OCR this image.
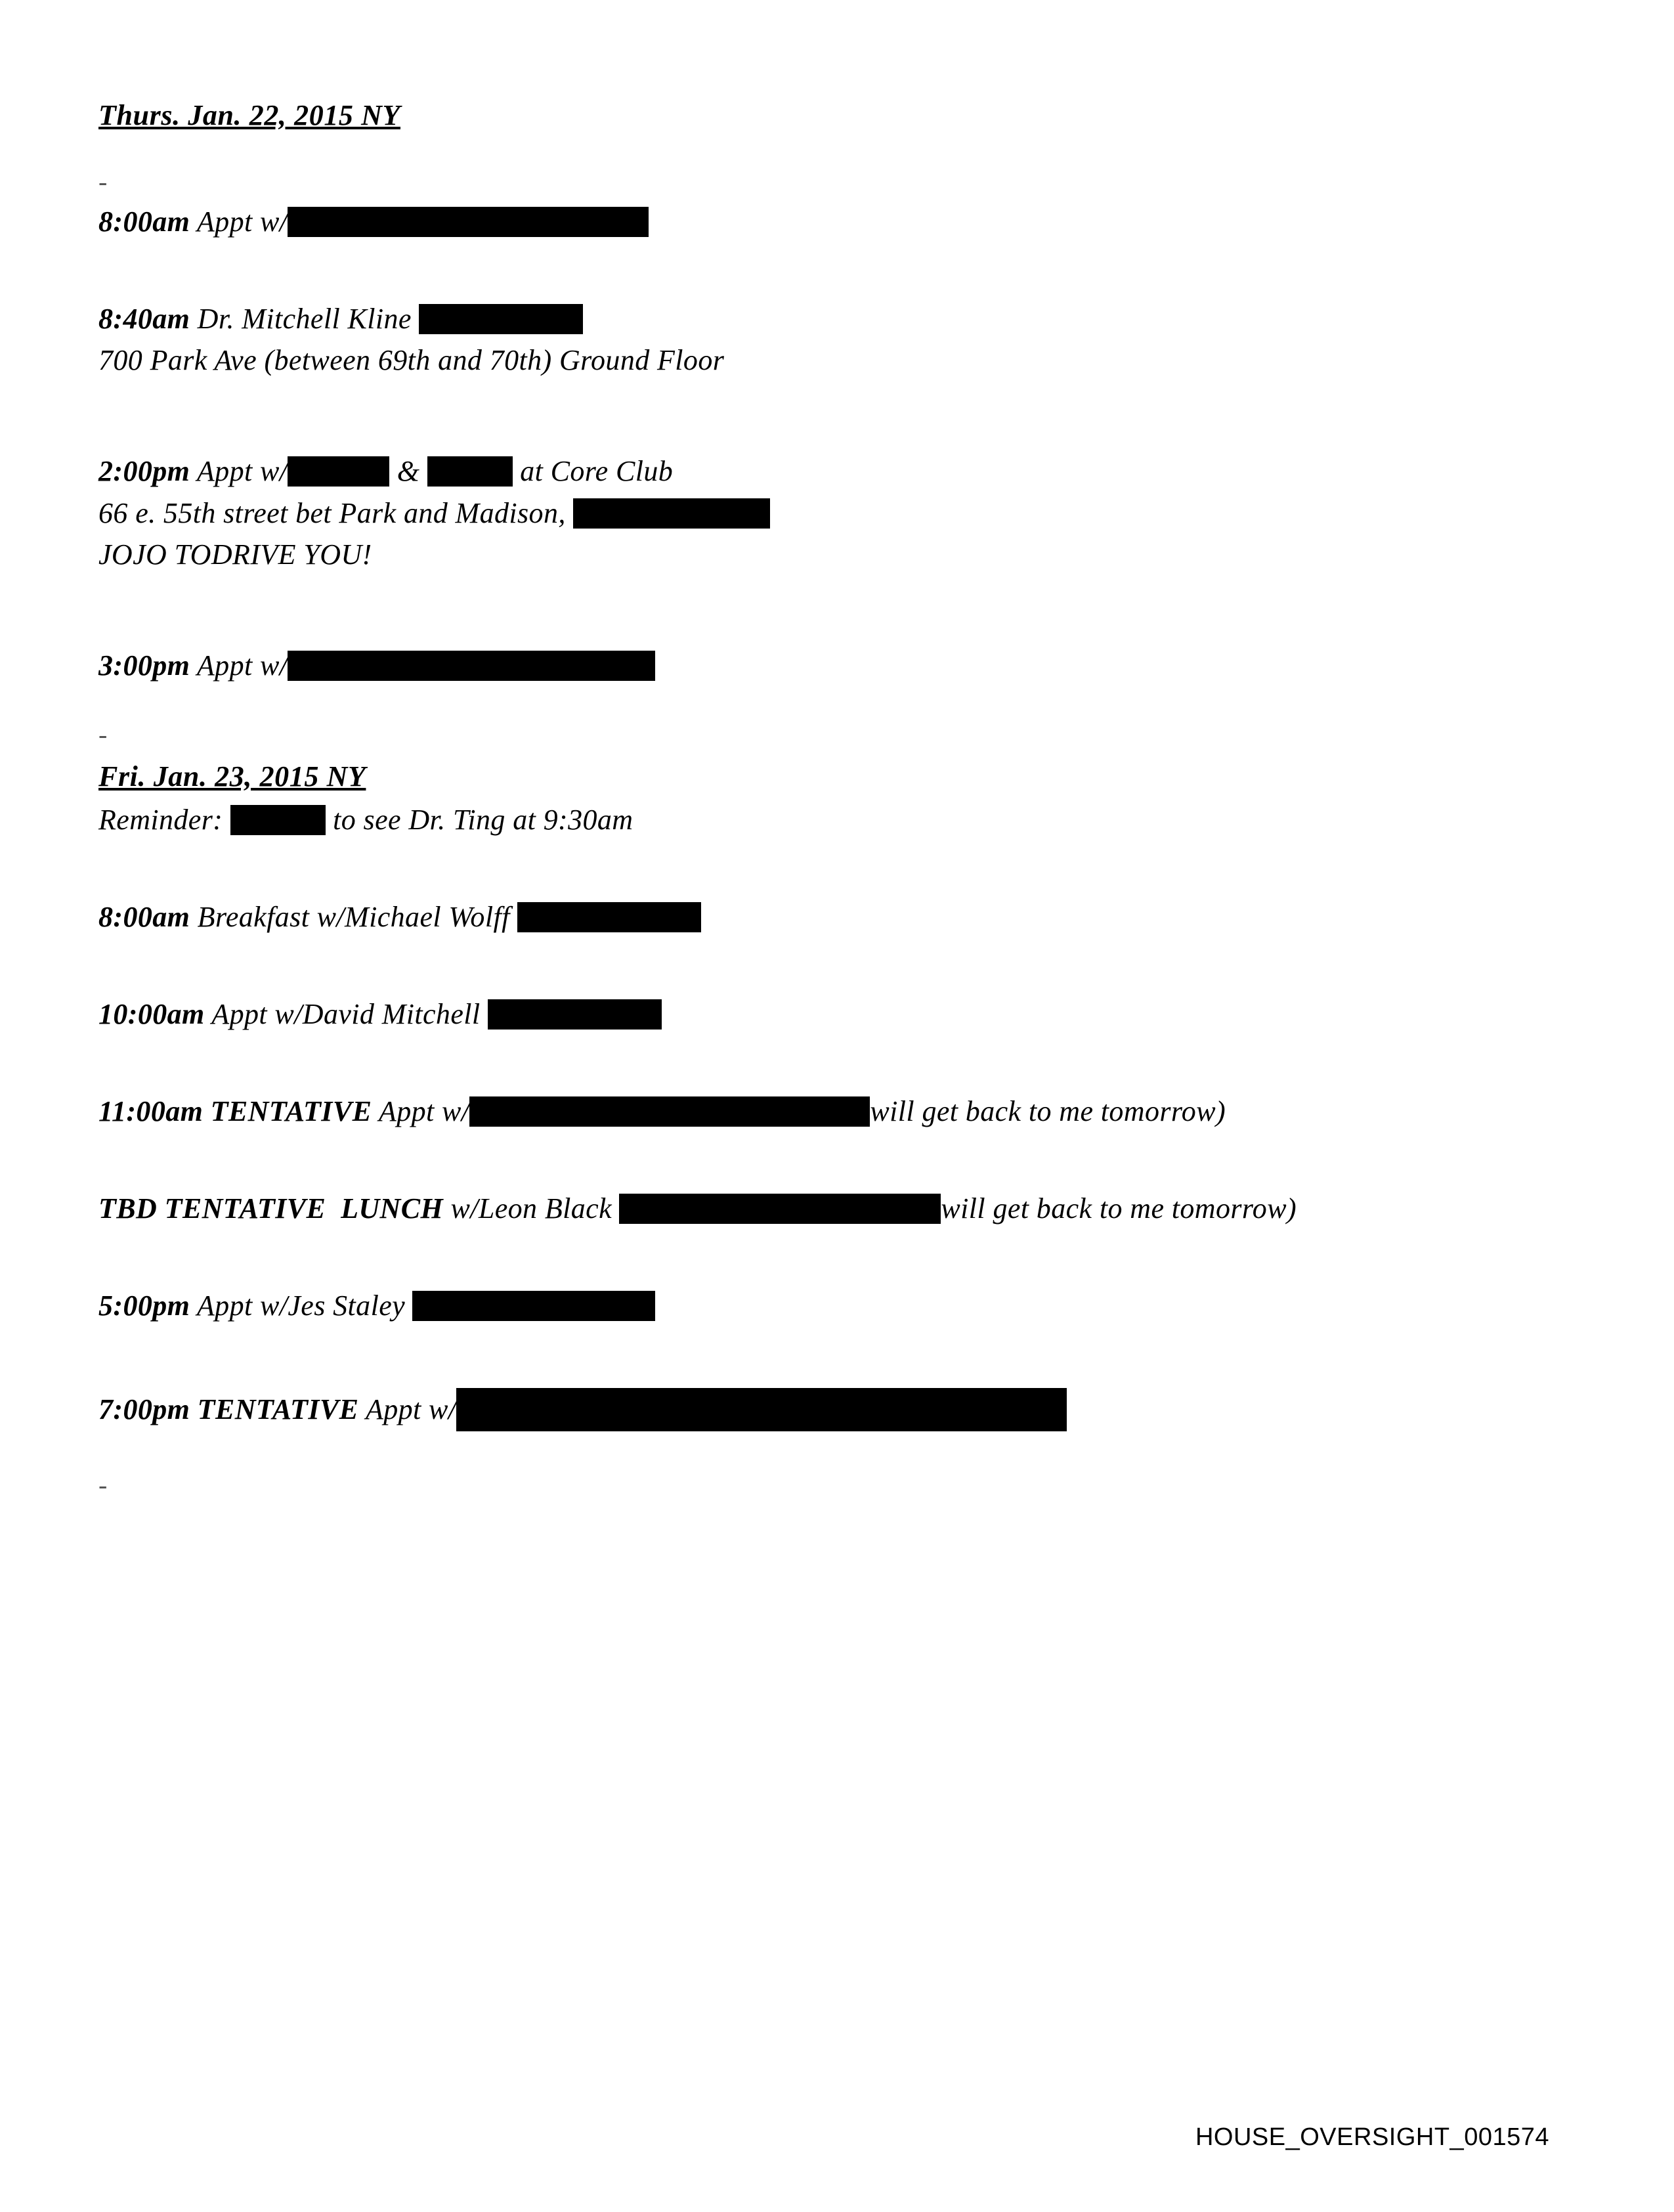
Thurs. Jan. 22, 2015 NY
-
8:00am Appt w/
8:40am Dr. Mitchell Kline
700 Park Ave (between 69th and 70th) Ground Floor
2:00pm Appt w/	&	at Core Club
66 e. 55th street bet Park and Madison,
JOJO TODRIVE YOU!
3:00pm Appt w/
-
Fri. Jan. 23, 2015 NY
Reminder:	to see Dr. Ting at 9:30am
8:00am Breakfast w/Michael Wolff
10:00am Appt w/David Mitchell
11:00am TENTATIVE Appt w/	will get back to me tomorrow)
TBD TENTATIVE  LUNCH w/Leon Black	will get back to me tomorrow)
5:00pm Appt w/Jes Staley
7:00pm TENTATIVE Appt w/
-
HOUSE_OVERSIGHT_001574
